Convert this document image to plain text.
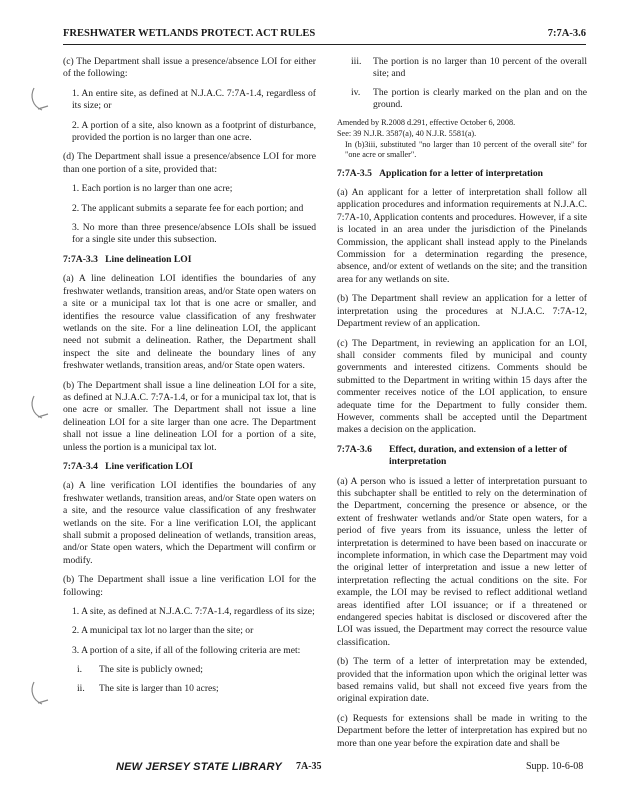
FRESHWATER WETLANDS PROTECT. ACT RULES	7:7A-3.6

(c) The Department shall issue a presence/absence LOI for either of the following:

1. An entire site, as defined at N.J.A.C. 7:7A-1.4, regardless of its size; or

2. A portion of a site, also known as a footprint of disturbance, provided the portion is no larger than one acre.

(d) The Department shall issue a presence/absence LOI for more than one portion of a site, provided that:

1. Each portion is no larger than one acre;

2. The applicant submits a separate fee for each portion; and

3. No more than three presence/absence LOIs shall be issued for a single site under this subsection.

7:7A-3.3 Line delineation LOI

(a) A line delineation LOI identifies the boundaries of any freshwater wetlands, transition areas, and/or State open waters on a site or a municipal tax lot that is one acre or smaller, and identifies the resource value classification of any freshwater wetlands on the site. For a line delineation LOI, the applicant need not submit a delineation. Rather, the Department shall inspect the site and delineate the boundary lines of any freshwater wetlands, transition areas, and/or State open waters.

(b) The Department shall issue a line delineation LOI for a site, as defined at N.J.A.C. 7:7A-1.4, or for a municipal tax lot, that is one acre or smaller. The Department shall not issue a line delineation LOI for a site larger than one acre. The Department shall not issue a line delineation LOI for a portion of a site, unless the portion is a municipal tax lot.

7:7A-3.4 Line verification LOI

(a) A line verification LOI identifies the boundaries of any freshwater wetlands, transition areas, and/or State open waters on a site, and the resource value classification of any freshwater wetlands on the site. For a line verification LOI, the applicant shall submit a proposed delineation of wetlands, transition areas, and/or State open waters, which the Department will confirm or modify.

(b) The Department shall issue a line verification LOI for the following:

1. A site, as defined at N.J.A.C. 7:7A-1.4, regardless of its size;

2. A municipal tax lot no larger than the site; or

3. A portion of a site, if all of the following criteria are met:

i.	The site is publicly owned;
ii.	The site is larger than 10 acres;
iii.	The portion is no larger than 10 percent of the overall site; and
iv.	The portion is clearly marked on the plan and on the ground.

Amended by R.2008 d.291, effective October 6, 2008.

See: 39 N.J.R. 3587(a), 40 N.J.R. 5581(a).

In (b)3iii, substituted "no larger than 10 percent of the overall site" for "one acre or smaller".

7:7A-3.5 Application for a letter of interpretation

(a) An applicant for a letter of interpretation shall follow all application procedures and information requirements at N.J.A.C. 7:7A-10, Application contents and procedures. However, if a site is located in an area under the jurisdiction of the Pinelands Commission, the applicant shall instead apply to the Pinelands Commission for a determination regarding the presence, absence, and/or extent of wetlands on the site; and the transition area for any wetlands on site.

(b) The Department shall review an application for a letter of interpretation using the procedures at N.J.A.C. 7:7A-12, Department review of an application.

(c) The Department, in reviewing an application for an LOI, shall consider comments filed by municipal and county governments and interested citizens. Comments should be submitted to the Department in writing within 15 days after the commenter receives notice of the LOI application, to ensure adequate time for the Department to fully consider them. However, comments shall be accepted until the Department makes a decision on the application.

7:7A-3.6	Effect, duration, and extension of a letter of interpretation

(a) A person who is issued a letter of interpretation pursuant to this subchapter shall be entitled to rely on the determination of the Department, concerning the presence or absence, or the extent of freshwater wetlands and/or State open waters, for a period of five years from its issuance, unless the letter of interpretation is determined to have been based on inaccurate or incomplete information, in which case the Department may void the original letter of interpretation and issue a new letter of interpretation reflecting the actual conditions on the site. For example, the LOI may be revised to reflect additional wetland areas identified after LOI issuance; or if a threatened or endangered species habitat is disclosed or discovered after the LOI was issued, the Department may correct the resource value classification.

(b) The term of a letter of interpretation may be extended, provided that the information upon which the original letter was based remains valid, but shall not exceed five years from the original expiration date.

(c) Requests for extensions shall be made in writing to the Department before the letter of interpretation has expired but no more than one year before the expiration date and shall be

NEW JERSEY STATE LIBRARY 7A-35	Supp. 10-6-08
